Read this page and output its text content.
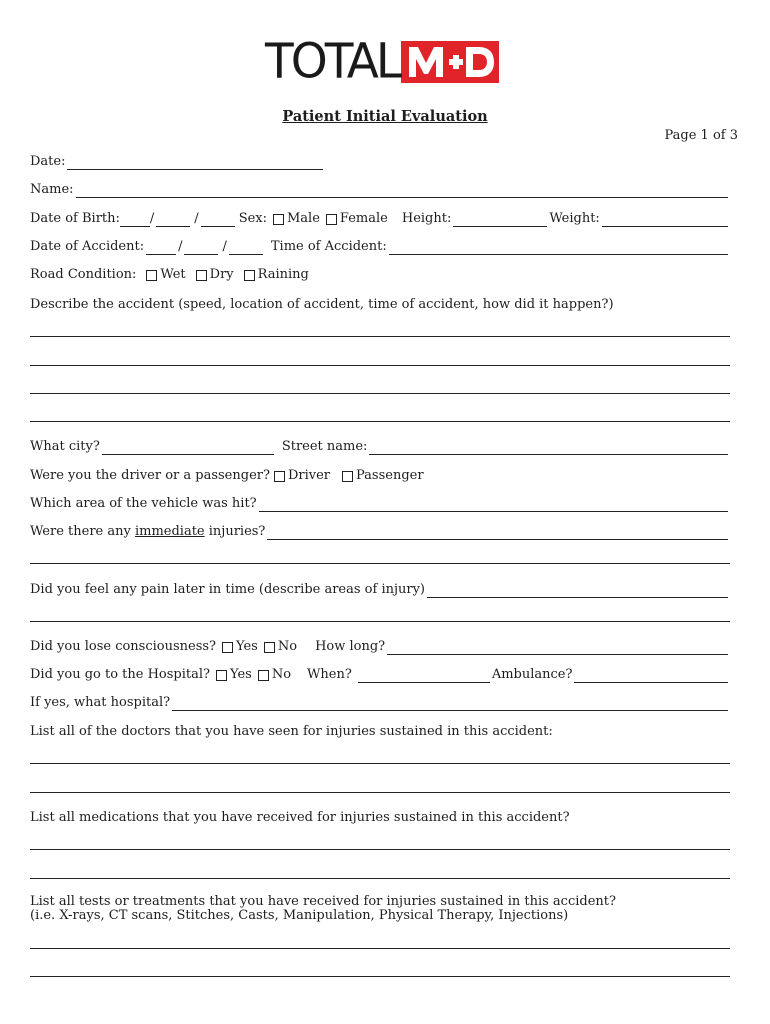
TOTAL	MD
Patient Initial Evaluation
Page 1 of 3
Date:
Name:
Date of Birth: /	/	Sex: Male Female Height:	Weight:
Date of Accident:	/	/	Time of Accident:
Road Condition: Wet Dry Raining
Describe the accident (speed, location of accident, time of accident, how did it happen?)
What city?	Street name:
Were you the driver or a passenger? Driver Passenger
Which area of the vehicle was hit?
Were there any immediate injuries?
Did you feel any pain later in time (describe areas of injury)
Did you lose consciousness? Yes No How long?
Did you go to the Hospital? Yes No When?	Ambulance?
If yes, what hospital?
List all of the doctors that you have seen for injuries sustained in this accident:
List all medications that you have received for injuries sustained in this accident?
List all tests or treatments that you have received for injuries sustained in this accident?
(i.e. X-rays, CT scans, Stitches, Casts, Manipulation, Physical Therapy, Injections)
